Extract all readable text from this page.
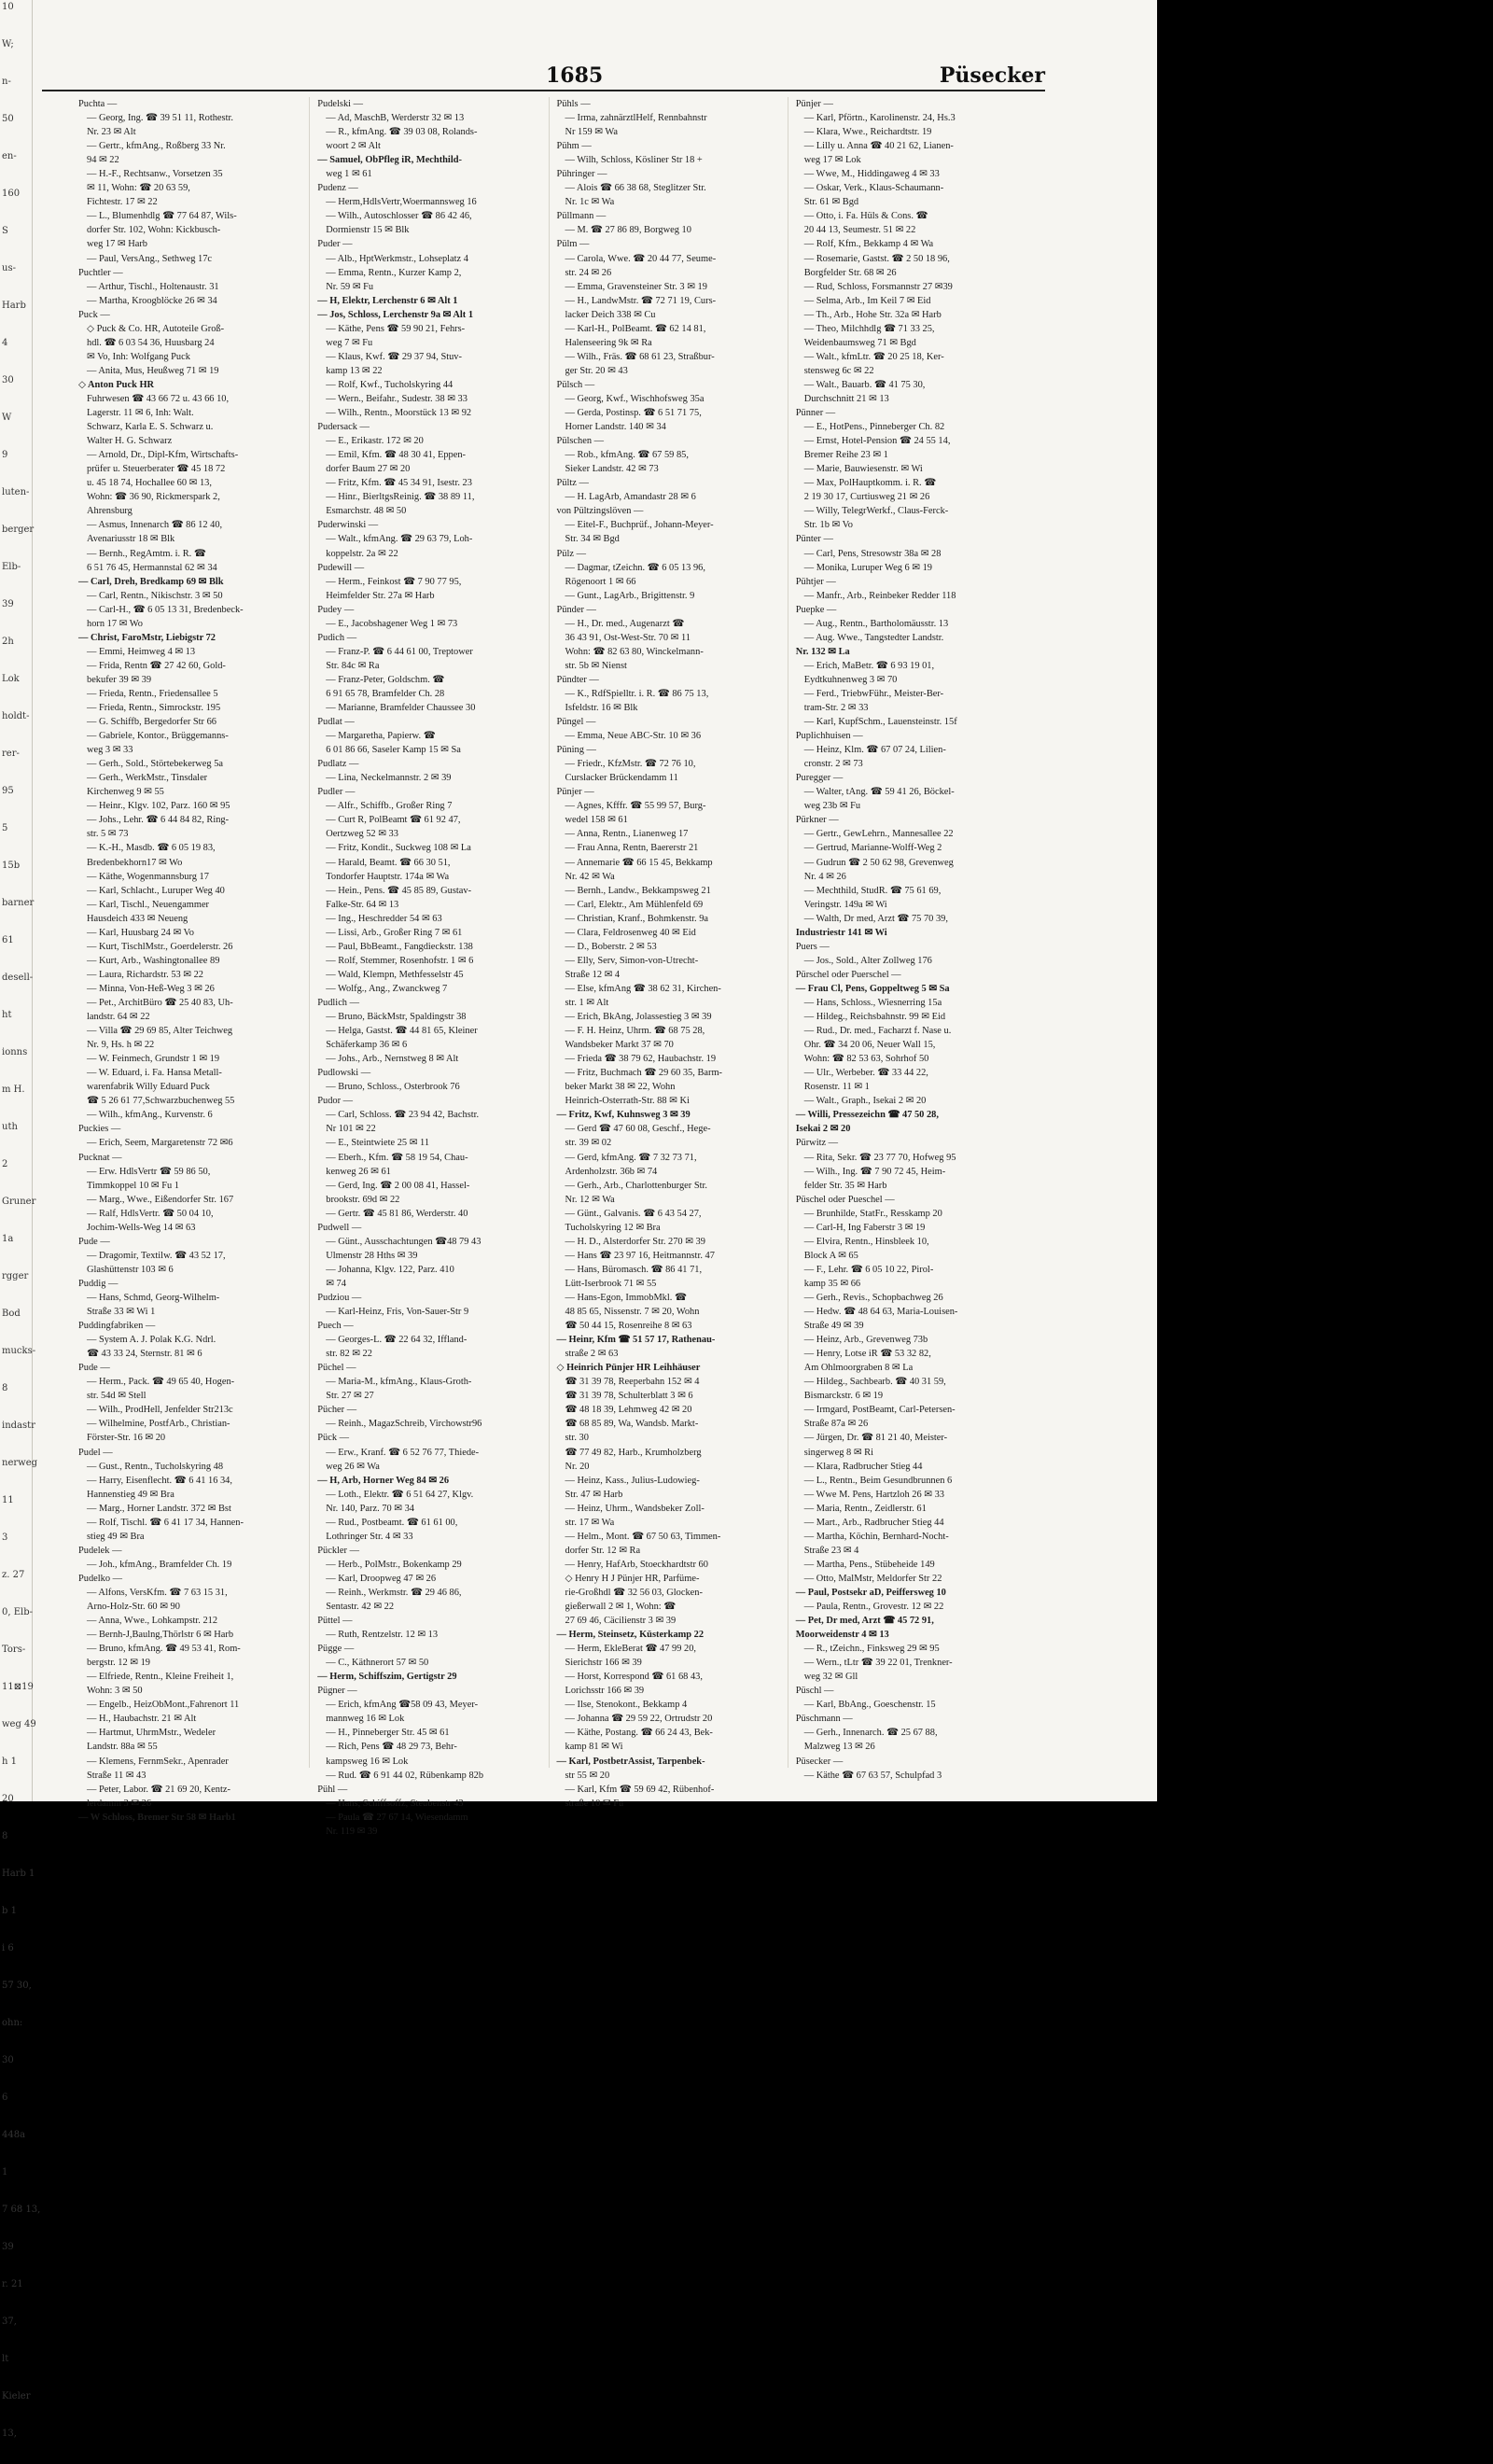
10
W;
n-
50
en-
160
S
us-
Harb
4
30
W
9
luten-
berger
Elb-
39
2h
Lok
holdt-
rer-
95
5
15b
barner
61
desell-
ht
ionns
m H.
uth
2
Gruner
1a
rgger
Bod
mucks-
8
indastr
nerweg
11
3
z. 27
0, Elb-
Tors-
11⊠19
weg 49
h 1
20
8
Harb 1
b 1
i 6
57 30,
ohn:
30
6
448a
1
7 68 13,
39
r. 21
37,
lt
Kieler
13,
1685	Püsecker
Puchta —
— Georg, Ing. ☎ 39 51 11, Rothestr.
Nr. 23 ✉ Alt
— Gertr., kfmAng., Roßberg 33 Nr.
94 ✉ 22
— H.-F., Rechtsanw., Vorsetzen 35
✉ 11, Wohn: ☎ 20 63 59,
Fichtestr. 17 ✉ 22
— L., Blumenhdlg ☎ 77 64 87, Wils-
dorfer Str. 102, Wohn: Kickbusch-
weg 17 ✉ Harb
— Paul, VersAng., Sethweg 17c
Puchtler —
— Arthur, Tischl., Holtenaustr. 31
— Martha, Kroogblöcke 26 ✉ 34
Puck —
◇ Puck & Co. HR, Autoteile Groß-
hdl. ☎ 6 03 54 36, Huusbarg 24
✉ Vo, Inh: Wolfgang Puck
— Anita, Mus, Heußweg 71 ✉ 19
◇ Anton Puck HR
Fuhrwesen ☎ 43 66 72 u. 43 66 10,
Lagerstr. 11 ✉ 6, Inh: Walt.
Schwarz, Karla E. S. Schwarz u.
Walter H. G. Schwarz
— Arnold, Dr., Dipl-Kfm, Wirtschafts-
prüfer u. Steuerberater ☎ 45 18 72
u. 45 18 74, Hochallee 60 ✉ 13,
Wohn: ☎ 36 90, Rickmerspark 2,
Ahrensburg
— Asmus, Innenarch ☎ 86 12 40,
Avenariusstr 18 ✉ Blk
— Bernh., RegAmtm. i. R. ☎
6 51 76 45, Hermannstal 62 ✉ 34
— Carl, Dreh, Bredkamp 69 ✉ Blk
— Carl, Rentn., Nikischstr. 3 ✉ 50
— Carl-H., ☎ 6 05 13 31, Bredenbeck-
horn 17 ✉ Wo
— Christ, FaroMstr, Liebigstr 72
— Emmi, Heimweg 4 ✉ 13
— Frida, Rentn ☎ 27 42 60, Gold-
bekufer 39 ✉ 39
— Frieda, Rentn., Friedensallee 5
— Frieda, Rentn., Simrockstr. 195
— G. Schiffb, Bergedorfer Str 66
— Gabriele, Kontor., Brüggemanns-
weg 3 ✉ 33
— Gerh., Sold., Störtebekerweg 5a
— Gerh., WerkMstr., Tinsdaler
Kirchenweg 9 ✉ 55
— Heinr., Klgv. 102, Parz. 160 ✉ 95
— Johs., Lehr. ☎ 6 44 84 82, Ring-
str. 5 ✉ 73
— K.-H., Masdb. ☎ 6 05 19 83,
Bredenbekhorn17 ✉ Wo
— Käthe, Wogenmannsburg 17
— Karl, Schlacht., Luruper Weg 40
— Karl, Tischl., Neuengammer
Hausdeich 433 ✉ Neueng
— Karl, Huusbarg 24 ✉ Vo
— Kurt, TischlMstr., Goerdelerstr. 26
— Kurt, Arb., Washingtonallee 89
— Laura, Richardstr. 53 ✉ 22
— Minna, Von-Heß-Weg 3 ✉ 26
— Pet., ArchitBüro ☎ 25 40 83, Uh-
landstr. 64 ✉ 22
— Villa ☎ 29 69 85, Alter Teichweg
Nr. 9, Hs. h ✉ 22
— W. Feinmech, Grundstr 1 ✉ 19
— W. Eduard, i. Fa. Hansa Metall-
warenfabrik Willy Eduard Puck
☎ 5 26 61 77,Schwarzbuchenweg 55
— Wilh., kfmAng., Kurvenstr. 6
Puckies —
— Erich, Seem, Margaretenstr 72 ✉6
Pucknat —
— Erw. HdlsVertr ☎ 59 86 50,
Timmkoppel 10 ✉ Fu 1
— Marg., Wwe., Eißendorfer Str. 167
— Ralf, HdlsVertr. ☎ 50 04 10,
Jochim-Wells-Weg 14 ✉ 63
Pude —
— Dragomir, Textilw. ☎ 43 52 17,
Glashüttenstr 103 ✉ 6
Puddig —
— Hans, Schmd, Georg-Wilhelm-
Straße 33 ✉ Wi 1
Puddingfabriken —
— System A. J. Polak K.G. Ndrl.
☎ 43 33 24, Sternstr. 81 ✉ 6
Pude —
— Herm., Pack. ☎ 49 65 40, Hogen-
str. 54d ✉ Stell
— Wilh., ProdHell, Jenfelder Str213c
— Wilhelmine, PostfArb., Christian-
Förster-Str. 16 ✉ 20
Pudel —
— Gust., Rentn., Tucholskyring 48
— Harry, Eisenflecht. ☎ 6 41 16 34,
Hannenstieg 49 ✉ Bra
— Marg., Horner Landstr. 372 ✉ Bst
— Rolf, Tischl. ☎ 6 41 17 34, Hannen-
stieg 49 ✉ Bra
Pudelek —
— Joh., kfmAng., Bramfelder Ch. 19
Pudelko —
— Alfons, VersKfm. ☎ 7 63 15 31,
Arno-Holz-Str. 60 ✉ 90
— Anna, Wwe., Lohkampstr. 212
— Bernh-J,Baulng,Thörlstr 6 ✉ Harb
— Bruno, kfmAng. ☎ 49 53 41, Rom-
bergstr. 12 ✉ 19
— Elfriede, Rentn., Kleine Freiheit 1,
Wohn: 3 ✉ 50
— Engelb., HeizObMont.,Fahrenort 11
— H., Haubachstr. 21 ✉ Alt
— Hartmut, UhrmMstr., Wedeler
Landstr. 88a ✉ 55
— Klemens, FernmSekr., Apenrader
Straße 11 ✉ 43
— Peter, Labor. ☎ 21 69 20, Kentz-
lerdamm 3 ✉ 26
— W Schloss, Bremer Str 58 ✉ Harb1
Pudelski —
— Ad, MaschB, Werderstr 32 ✉ 13
— R., kfmAng. ☎ 39 03 08, Rolands-
woort 2 ✉ Alt
— Samuel, ObPfleg iR, Mechthild-
weg 1 ✉ 61
Pudenz —
— Herm,HdlsVertr,Woermannsweg 16
— Wilh., Autoschlosser ☎ 86 42 46,
Dormienstr 15 ✉ Blk
Puder —
— Alb., HptWerkmstr., Lohseplatz 4
— Emma, Rentn., Kurzer Kamp 2,
Nr. 59 ✉ Fu
— H, Elektr, Lerchenstr 6 ✉ Alt 1
— Jos, Schloss, Lerchenstr 9a ✉ Alt 1
— Käthe, Pens ☎ 59 90 21, Fehrs-
weg 7 ✉ Fu
— Klaus, Kwf. ☎ 29 37 94, Stuv-
kamp 13 ✉ 22
— Rolf, Kwf., Tucholskyring 44
— Wern., Beifahr., Sudestr. 38 ✉ 33
— Wilh., Rentn., Moorstück 13 ✉ 92
Pudersack —
— E., Erikastr. 172 ✉ 20
— Emil, Kfm. ☎ 48 30 41, Eppen-
dorfer Baum 27 ✉ 20
— Fritz, Kfm. ☎ 45 34 91, Isestr. 23
— Hinr., BierltgsReinig. ☎ 38 89 11,
Esmarchstr. 48 ✉ 50
Puderwinski —
— Walt., kfmAng. ☎ 29 63 79, Loh-
koppelstr. 2a ✉ 22
Pudewill —
— Herm., Feinkost ☎ 7 90 77 95,
Heimfelder Str. 27a ✉ Harb
Pudey —
— E., Jacobshagener Weg 1 ✉ 73
Pudich —
— Franz-P. ☎ 6 44 61 00, Treptower
Str. 84c ✉ Ra
— Franz-Peter, Goldschm. ☎
6 91 65 78, Bramfelder Ch. 28
— Marianne, Bramfelder Chaussee 30
Pudlat —
— Margaretha, Papierw. ☎
6 01 86 66, Saseler Kamp 15 ✉ Sa
Pudlatz —
— Lina, Neckelmannstr. 2 ✉ 39
Pudler —
— Alfr., Schiffb., Großer Ring 7
— Curt R, PolBeamt ☎ 61 92 47,
Oertzweg 52 ✉ 33
— Fritz, Kondit., Suckweg 108 ✉ La
— Harald, Beamt. ☎ 66 30 51,
Tondorfer Hauptstr. 174a ✉ Wa
— Hein., Pens. ☎ 45 85 89, Gustav-
Falke-Str. 64 ✉ 13
— Ing., Heschredder 54 ✉ 63
— Lissi, Arb., Großer Ring 7 ✉ 61
— Paul, BbBeamt., Fangdieckstr. 138
— Rolf, Stemmer, Rosenhofstr. 1 ✉ 6
— Wald, Klempn, Methfesselstr 45
— Wolfg., Ang., Zwanckweg 7
Pudlich —
— Bruno, BäckMstr, Spaldingstr 38
— Helga, Gastst. ☎ 44 81 65, Kleiner
Schäferkamp 36 ✉ 6
— Johs., Arb., Nernstweg 8 ✉ Alt
Pudlowski —
— Bruno, Schloss., Osterbrook 76
Pudor —
— Carl, Schloss. ☎ 23 94 42, Bachstr.
Nr 101 ✉ 22
— E., Steintwiete 25 ✉ 11
— Eberh., Kfm. ☎ 58 19 54, Chau-
kenweg 26 ✉ 61
— Gerd, Ing. ☎ 2 00 08 41, Hassel-
brookstr. 69d ✉ 22
— Gertr. ☎ 45 81 86, Werderstr. 40
Pudwell —
— Günt., Ausschachtungen ☎48 79 43
Ulmenstr 28 Hths ✉ 39
— Johanna, Klgv. 122, Parz. 410
✉ 74
Pudziou —
— Karl-Heinz, Fris, Von-Sauer-Str 9
Puech —
— Georges-L. ☎ 22 64 32, Iffland-
str. 82 ✉ 22
Püchel —
— Maria-M., kfmAng., Klaus-Groth-
Str. 27 ✉ 27
Pücher —
— Reinh., MagazSchreib, Virchowstr96
Pück —
— Erw., Kranf. ☎ 6 52 76 77, Thiede-
weg 26 ✉ Wa
— H, Arb, Horner Weg 84 ✉ 26
— Loth., Elektr. ☎ 6 51 64 27, Klgv.
Nr. 140, Parz. 70 ✉ 34
— Rud., Postbeamt. ☎ 61 61 00,
Lothringer Str. 4 ✉ 33
Pückler —
— Herb., PolMstr., Bokenkamp 29
— Karl, Droopweg 47 ✉ 26
— Reinh., Werkmstr. ☎ 29 46 86,
Sentastr. 42 ✉ 22
Püttel —
— Ruth, Rentzelstr. 12 ✉ 13
Pügge —
— C., Käthnerort 57 ✉ 50
— Herm, Schiffszim, Gertigstr 29
Pügner —
— Erich, kfmAng ☎58 09 43, Meyer-
mannweg 16 ✉ Lok
— H., Pinneberger Str. 45 ✉ 61
— Rich, Pens ☎ 48 29 73, Behr-
kampsweg 16 ✉ Lok
— Rud. ☎ 6 91 44 02, Rübenkamp 82b
Pühl —
— Hans, Schiffsoffz, Steubenstr 43
— Paula ☎ 27 67 14, Wiesendamm
Nr. 119 ✉ 39
Pühls —
— Irma, zahnärztlHelf, Rennbahnstr
Nr 159 ✉ Wa
Pühm —
— Wilh, Schloss, Kösliner Str 18 +
Pühringer —
— Alois ☎ 66 38 68, Steglitzer Str.
Nr. 1c ✉ Wa
Püllmann —
— M. ☎ 27 86 89, Borgweg 10
Pülm —
— Carola, Wwe. ☎ 20 44 77, Seume-
str. 24 ✉ 26
— Emma, Gravensteiner Str. 3 ✉ 19
— H., LandwMstr. ☎ 72 71 19, Curs-
lacker Deich 338 ✉ Cu
— Karl-H., PolBeamt. ☎ 62 14 81,
Halenseering 9k ✉ Ra
— Wilh., Fräs. ☎ 68 61 23, Straßbur-
ger Str. 20 ✉ 43
Pülsch —
— Georg, Kwf., Wischhofsweg 35a
— Gerda, Postinsp. ☎ 6 51 71 75,
Horner Landstr. 140 ✉ 34
Pülschen —
— Rob., kfmAng. ☎ 67 59 85,
Sieker Landstr. 42 ✉ 73
Pültz —
— H. LagArb, Amandastr 28 ✉ 6
von Pültzingslöven —
— Eitel-F., Buchprüf., Johann-Meyer-
Str. 34 ✉ Bgd
Pülz —
— Dagmar, tZeichn. ☎ 6 05 13 96,
Rögenoort 1 ✉ 66
— Gunt., LagArb., Brigittenstr. 9
Pünder —
— H., Dr. med., Augenarzt ☎
36 43 91, Ost-West-Str. 70 ✉ 11
Wohn: ☎ 82 63 80, Winckelmann-
str. 5b ✉ Nienst
Pündter —
— K., RdfSpielltr. i. R. ☎ 86 75 13,
Isfeldstr. 16 ✉ Blk
Püngel —
— Emma, Neue ABC-Str. 10 ✉ 36
Püning —
— Friedr., KfzMstr. ☎ 72 76 10,
Curslacker Brückendamm 11
Pünjer —
— Agnes, Kfffr. ☎ 55 99 57, Burg-
wedel 158 ✉ 61
— Anna, Rentn., Lianenweg 17
— Frau Anna, Rentn, Baererstr 21
— Annemarie ☎ 66 15 45, Bekkamp
Nr. 42 ✉ Wa
— Bernh., Landw., Bekkampsweg 21
— Carl, Elektr., Am Mühlenfeld 69
— Christian, Kranf., Bohmkenstr. 9a
— Clara, Feldrosenweg 40 ✉ Eid
— D., Boberstr. 2 ✉ 53
— Elly, Serv, Simon-von-Utrecht-
Straße 12 ✉ 4
— Else, kfmAng ☎ 38 62 31, Kirchen-
str. 1 ✉ Alt
— Erich, BkAng, Jolassestieg 3 ✉ 39
— F. H. Heinz, Uhrm. ☎ 68 75 28,
Wandsbeker Markt 37 ✉ 70
— Frieda ☎ 38 79 62, Haubachstr. 19
— Fritz, Buchmach ☎ 29 60 35, Barm-
beker Markt 38 ✉ 22, Wohn
Heinrich-Osterrath-Str. 88 ✉ Ki
— Fritz, Kwf, Kuhnsweg 3 ✉ 39
— Gerd ☎ 47 60 08, Geschf., Hege-
str. 39 ✉ 02
— Gerd, kfmAng. ☎ 7 32 73 71,
Ardenholzstr. 36b ✉ 74
— Gerh., Arb., Charlottenburger Str.
Nr. 12 ✉ Wa
— Günt., Galvanis. ☎ 6 43 54 27,
Tucholskyring 12 ✉ Bra
— H. D., Alsterdorfer Str. 270 ✉ 39
— Hans ☎ 23 97 16, Heitmannstr. 47
— Hans, Büromasch. ☎ 86 41 71,
Lütt-Iserbrook 71 ✉ 55
— Hans-Egon, ImmobMkl. ☎
48 85 65, Nissenstr. 7 ✉ 20, Wohn
☎ 50 44 15, Rosenreihe 8 ✉ 63
— Heinr, Kfm ☎ 51 57 17, Rathenau-
straße 2 ✉ 63
◇ Heinrich Pünjer HR Leihhäuser
☎ 31 39 78, Reeperbahn 152 ✉ 4
☎ 31 39 78, Schulterblatt 3 ✉ 6
☎ 48 18 39, Lehmweg 42 ✉ 20
☎ 68 85 89, Wa, Wandsb. Markt-
str. 30
☎ 77 49 82, Harb., Krumholzberg
Nr. 20
— Heinz, Kass., Julius-Ludowieg-
Str. 47 ✉ Harb
— Heinz, Uhrm., Wandsbeker Zoll-
str. 17 ✉ Wa
— Helm., Mont. ☎ 67 50 63, Timmen-
dorfer Str. 12 ✉ Ra
— Henry, HafArb, Stoeckhardtstr 60
◇ Henry H J Pünjer HR, Parfüme-
rie-Großhdl ☎ 32 56 03, Glocken-
gießerwall 2 ✉ 1, Wohn: ☎
27 69 46, Cäcilienstr 3 ✉ 39
— Herm, Steinsetz, Küsterkamp 22
— Herm, EkleBerat ☎ 47 99 20,
Sierichstr 166 ✉ 39
— Horst, Korrespond ☎ 61 68 43,
Lorichsstr 166 ✉ 39
— Ilse, Stenokont., Bekkamp 4
— Johanna ☎ 29 59 22, Ortrudstr 20
— Käthe, Postang. ☎ 66 24 43, Bek-
kamp 81 ✉ Wi
— Karl, PostbetrAssist, Tarpenbek-
str 55 ✉ 20
— Karl, Kfm ☎ 59 69 42, Rübenhof-
straße 10 ✉ Fu
Pünjer —
— Karl, Pförtn., Karolinenstr. 24, Hs.3
— Klara, Wwe., Reichardtstr. 19
— Lilly u. Anna ☎ 40 21 62, Lianen-
weg 17 ✉ Lok
— Wwe, M., Hiddingaweg 4 ✉ 33
— Oskar, Verk., Klaus-Schaumann-
Str. 61 ✉ Bgd
— Otto, i. Fa. Hüls & Cons. ☎
20 44 13, Seumestr. 51 ✉ 22
— Rolf, Kfm., Bekkamp 4 ✉ Wa
— Rosemarie, Gastst. ☎ 2 50 18 96,
Borgfelder Str. 68 ✉ 26
— Rud, Schloss, Forsmannstr 27 ✉39
— Selma, Arb., Im Keil 7 ✉ Eid
— Th., Arb., Hohe Str. 32a ✉ Harb
— Theo, Milchhdlg ☎ 71 33 25,
Weidenbaumsweg 71 ✉ Bgd
— Walt., kfmLtr. ☎ 20 25 18, Ker-
stensweg 6c ✉ 22
— Walt., Bauarb. ☎ 41 75 30,
Durchschnitt 21 ✉ 13
Pünner —
— E., HotPens., Pinneberger Ch. 82
— Ernst, Hotel-Pension ☎ 24 55 14,
Bremer Reihe 23 ✉ 1
— Marie, Bauwiesenstr. ✉ Wi
— Max, PolHauptkomm. i. R. ☎
2 19 30 17, Curtiusweg 21 ✉ 26
— Willy, TelegrWerkf., Claus-Ferck-
Str. 1b ✉ Vo
Pünter —
— Carl, Pens, Stresowstr 38a ✉ 28
— Monika, Luruper Weg 6 ✉ 19
Pühtjer —
— Manfr., Arb., Reinbeker Redder 118
Puepke —
— Aug., Rentn., Bartholomäusstr. 13
— Aug. Wwe., Tangstedter Landstr.
Nr. 132 ✉ La
— Erich, MaBetr. ☎ 6 93 19 01,
Eydtkuhnenweg 3 ✉ 70
— Ferd., TriebwFühr., Meister-Ber-
tram-Str. 2 ✉ 33
— Karl, KupfSchm., Lauensteinstr. 15f
Puplichhuisen —
— Heinz, Klm. ☎ 67 07 24, Lilien-
cronstr. 2 ✉ 73
Puregger —
— Walter, tAng. ☎ 59 41 26, Böckel-
weg 23b ✉ Fu
Pürkner —
— Gertr., GewLehrn., Mannesallee 22
— Gertrud, Marianne-Wolff-Weg 2
— Gudrun ☎ 2 50 62 98, Grevenweg
Nr. 4 ✉ 26
— Mechthild, StudR. ☎ 75 61 69,
Veringstr. 149a ✉ Wi
— Walth, Dr med, Arzt ☎ 75 70 39,
Industriestr 141 ✉ Wi
Puers —
— Jos., Sold., Alter Zollweg 176
Pürschel oder Puerschel —
— Frau Cl, Pens, Goppeltweg 5 ✉ Sa
— Hans, Schloss., Wiesnerring 15a
— Hildeg., Reichsbahnstr. 99 ✉ Eid
— Rud., Dr. med., Facharzt f. Nase u.
Ohr. ☎ 34 20 06, Neuer Wall 15,
Wohn: ☎ 82 53 63, Sohrhof 50
— Ulr., Werbeber. ☎ 33 44 22,
Rosenstr. 11 ✉ 1
— Walt., Graph., Isekai 2 ✉ 20
— Willi, Pressezeichn ☎ 47 50 28,
Isekai 2 ✉ 20
Pürwitz —
— Rita, Sekr. ☎ 23 77 70, Hofweg 95
— Wilh., Ing. ☎ 7 90 72 45, Heim-
felder Str. 35 ✉ Harb
Püschel oder Pueschel —
— Brunhilde, StatFr., Resskamp 20
— Carl-H, Ing Faberstr 3 ✉ 19
— Elvira, Rentn., Hinsbleek 10,
Block A ✉ 65
— F., Lehr. ☎ 6 05 10 22, Pirol-
kamp 35 ✉ 66
— Gerh., Revis., Schopbachweg 26
— Hedw. ☎ 48 64 63, Maria-Louisen-
Straße 49 ✉ 39
— Heinz, Arb., Grevenweg 73b
— Henry, Lotse iR ☎ 53 32 82,
Am Ohlmoorgraben 8 ✉ La
— Hildeg., Sachbearb. ☎ 40 31 59,
Bismarckstr. 6 ✉ 19
— Irmgard, PostBeamt, Carl-Petersen-
Straße 87a ✉ 26
— Jürgen, Dr. ☎ 81 21 40, Meister-
singerweg 8 ✉ Ri
— Klara, Radbrucher Stieg 44
— L., Rentn., Beim Gesundbrunnen 6
— Wwe M. Pens, Hartzloh 26 ✉ 33
— Maria, Rentn., Zeidlerstr. 61
— Mart., Arb., Radbrucher Stieg 44
— Martha, Köchin, Bernhard-Nocht-
Straße 23 ✉ 4
— Martha, Pens., Stübeheide 149
— Otto, MalMstr, Meldorfer Str 22
— Paul, Postsekr aD, Peiffersweg 10
— Paula, Rentn., Grovestr. 12 ✉ 22
— Pet, Dr med, Arzt ☎ 45 72 91,
Moorweidenstr 4 ✉ 13
— R., tZeichn., Finksweg 29 ✉ 95
— Wern., tLtr ☎ 39 22 01, Trenkner-
weg 32 ✉ Gll
Püschl —
— Karl, BbAng., Goeschenstr. 15
Püschmann —
— Gerh., Innenarch. ☎ 25 67 88,
Malzweg 13 ✉ 26
Püsecker —
— Käthe ☎ 67 63 57, Schulpfad 3
